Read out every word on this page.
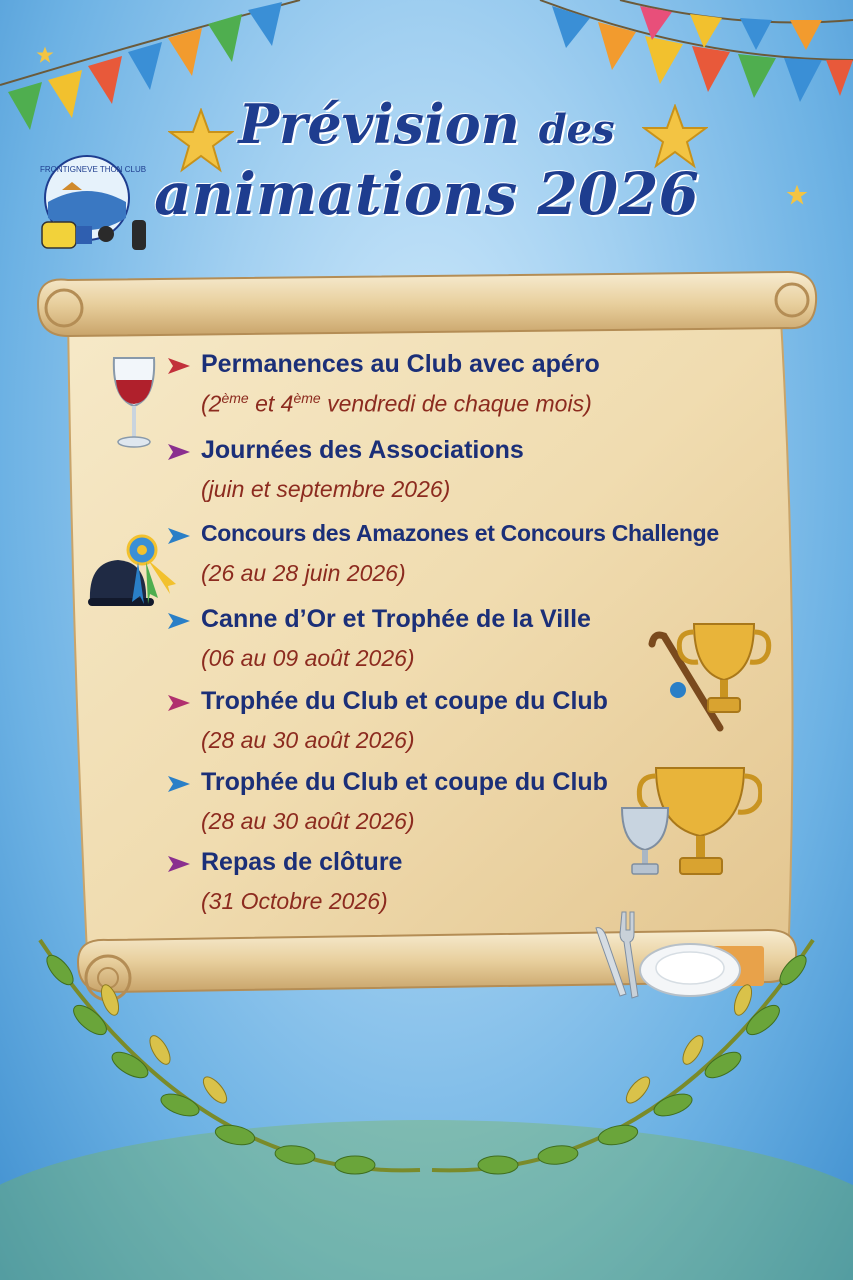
Prévision des
animations 2026
FRONTIGNEVE THON CLUB
Permanences au Club avec apéro
(2ème et 4ème vendredi de chaque mois)
Journées des Associations
(juin et septembre 2026)
Concours des Amazones et Concours Challenge
(26 au 28 juin 2026)
Canne d’Or et Trophée de la Ville
(06 au 09 août 2026)
Trophée du Club et coupe du Club
(28 au 30 août 2026)
Trophée du Club et coupe du Club
(28 au 30 août 2026)
Repas de clôture
(31 Octobre 2026)
